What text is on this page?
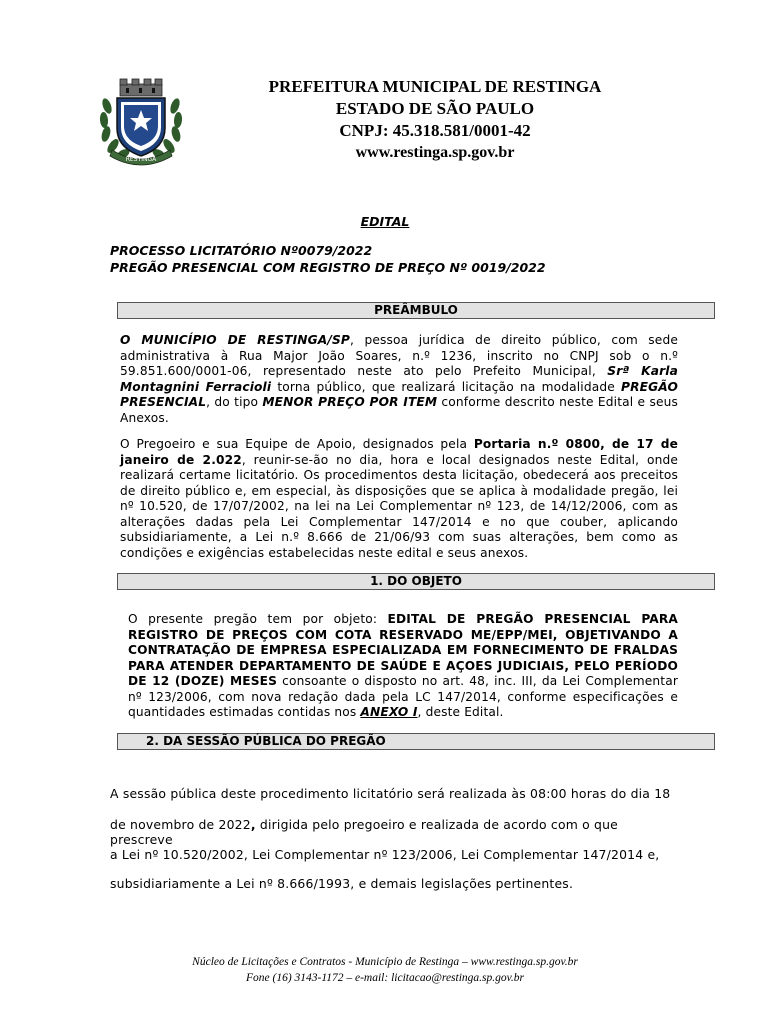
RESTINGA
PREFEITURA MUNICIPAL DE RESTINGA
ESTADO DE SÃO PAULO
CNPJ: 45.318.581/0001-42
www.restinga.sp.gov.br
EDITAL
PROCESSO LICITATÓRIO Nº0079/2022
PREGÃO PRESENCIAL COM REGISTRO DE PREÇO Nº 0019/2022
PREÂMBULO
O MUNICÍPIO DE RESTINGA/SP, pessoa jurídica de direito público, com sede administrativa à Rua Major João Soares, n.º 1236, inscrito no CNPJ sob o n.º 59.851.600/0001-06, representado neste ato pelo Prefeito Municipal, Srª Karla Montagnini Ferracioli torna público, que realizará licitação na modalidade PREGÃO PRESENCIAL, do tipo MENOR PREÇO POR ITEM conforme descrito neste Edital e seus Anexos.
O Pregoeiro e sua Equipe de Apoio, designados pela Portaria n.º 0800, de 17 de janeiro de 2.022, reunir-se-ão no dia, hora e local designados neste Edital, onde realizará certame licitatório. Os procedimentos desta licitação, obedecerá aos preceitos de direito público e, em especial, às disposições que se aplica à modalidade pregão, lei nº 10.520, de 17/07/2002, na lei na Lei Complementar nº 123, de 14/12/2006, com as alterações dadas pela Lei Complementar 147/2014 e no que couber, aplicando subsidiariamente, a Lei n.º 8.666 de 21/06/93 com suas alterações, bem como as condições e exigências estabelecidas neste edital e seus anexos.
1. DO OBJETO
O presente pregão tem por objeto: EDITAL DE PREGÃO PRESENCIAL PARA REGISTRO DE PREÇOS COM COTA RESERVADO ME/EPP/MEI, OBJETIVANDO A CONTRATAÇÃO DE EMPRESA ESPECIALIZADA EM FORNECIMENTO DE FRALDAS PARA ATENDER DEPARTAMENTO DE SAÚDE E AÇOES JUDICIAIS, PELO PERÍODO DE 12 (DOZE) MESES consoante o disposto no art. 48, inc. III, da Lei Complementar nº 123/2006, com nova redação dada pela LC 147/2014, conforme especificações e quantidades estimadas contidas nos ANEXO I, deste Edital.
2. DA SESSÃO PÚBLICA DO PREGÃO
A sessão pública deste procedimento licitatório será realizada às 08:00 horas do dia 18
de novembro de 2022, dirigida pelo pregoeiro e realizada de acordo com o que prescreve
a Lei nº 10.520/2002, Lei Complementar nº 123/2006, Lei Complementar 147/2014 e,
subsidiariamente a Lei nº 8.666/1993, e demais legislações pertinentes.
Núcleo de Licitações e Contratos - Município de Restinga – www.restinga.sp.gov.br
Fone (16) 3143-1172 – e-mail: licitacao@restinga.sp.gov.br
